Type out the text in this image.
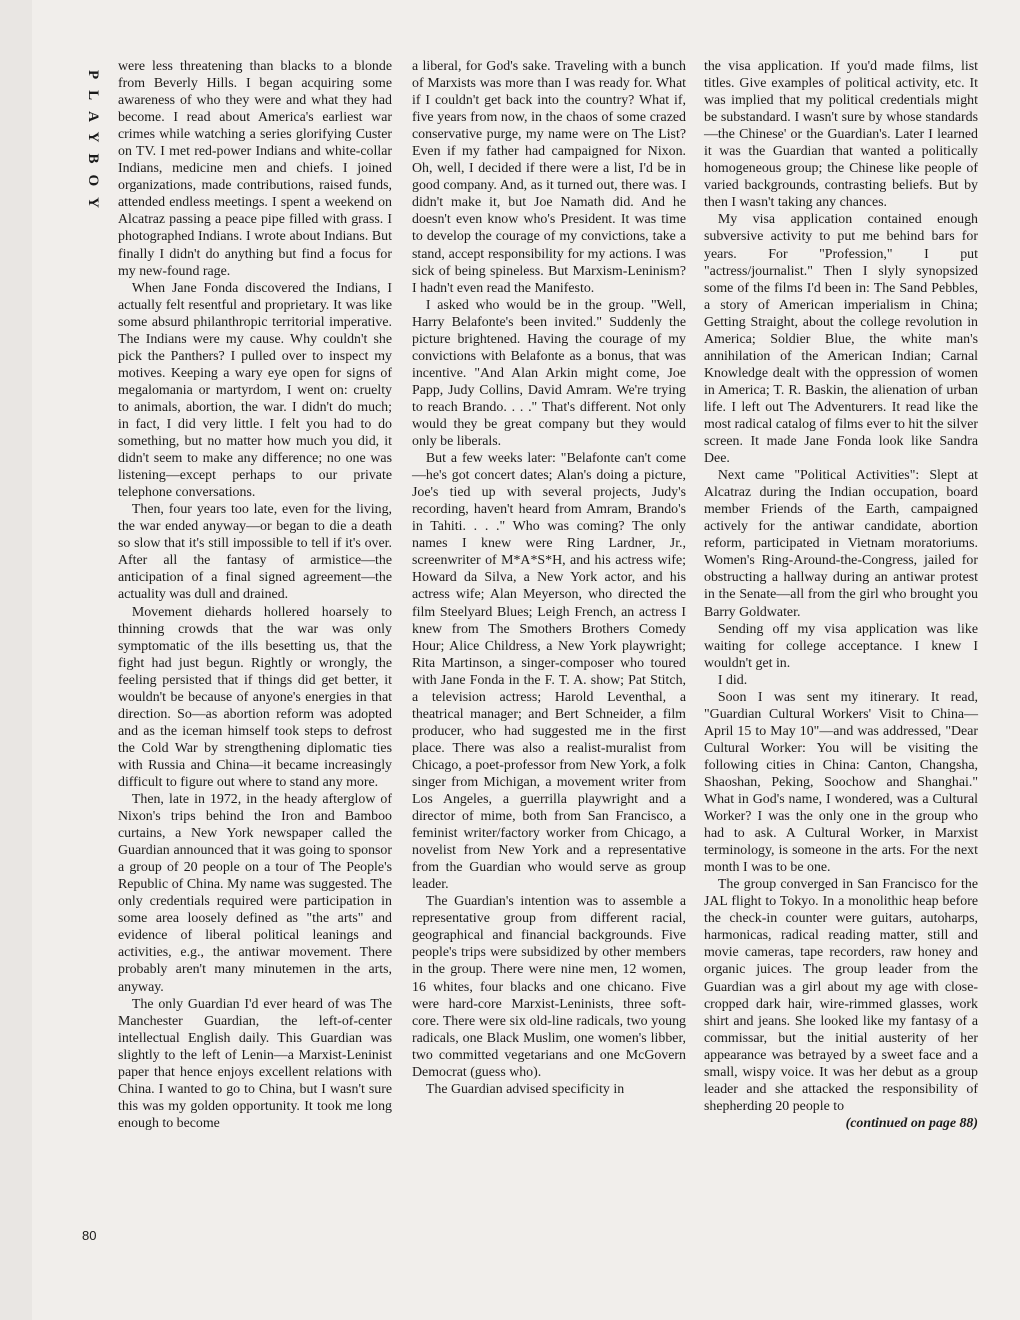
PLAYBOY

were less threatening than blacks to a blonde from Beverly Hills. I began acquiring some awareness of who they were and what they had become. I read about America's earliest war crimes while watching a series glorifying Custer on TV. I met red-power Indians and white-collar Indians, medicine men and chiefs. I joined organizations, made contributions, raised funds, attended endless meetings. I spent a weekend on Alcatraz passing a peace pipe filled with grass. I photographed Indians. I wrote about Indians. But finally I didn't do anything but find a focus for my new-found rage.

When Jane Fonda discovered the Indians, I actually felt resentful and proprietary. It was like some absurd philanthropic territorial imperative. The Indians were my cause. Why couldn't she pick the Panthers? I pulled over to inspect my motives. Keeping a wary eye open for signs of megalomania or martyrdom, I went on: cruelty to animals, abortion, the war. I didn't do much; in fact, I did very little. I felt you had to do something, but no matter how much you did, it didn't seem to make any difference; no one was listening—except perhaps to our private telephone conversations.

Then, four years too late, even for the living, the war ended anyway—or began to die a death so slow that it's still impossible to tell if it's over. After all the fantasy of armistice—the anticipation of a final signed agreement—the actuality was dull and drained.

Movement diehards hollered hoarsely to thinning crowds that the war was only symptomatic of the ills besetting us, that the fight had just begun. Rightly or wrongly, the feeling persisted that if things did get better, it wouldn't be because of anyone's energies in that direction. So—as abortion reform was adopted and as the iceman himself took steps to defrost the Cold War by strengthening diplomatic ties with Russia and China—it became increasingly difficult to figure out where to stand any more.

Then, late in 1972, in the heady afterglow of Nixon's trips behind the Iron and Bamboo curtains, a New York newspaper called the Guardian announced that it was going to sponsor a group of 20 people on a tour of The People's Republic of China. My name was suggested. The only credentials required were participation in some area loosely defined as "the arts" and evidence of liberal political leanings and activities, e.g., the antiwar movement. There probably aren't many minutemen in the arts, anyway.

The only Guardian I'd ever heard of was The Manchester Guardian, the left-of-center intellectual English daily. This Guardian was slightly to the left of Lenin—a Marxist-Leninist paper that hence enjoys excellent relations with China. I wanted to go to China, but I wasn't sure this was my golden opportunity. It took me long enough to become

a liberal, for God's sake. Traveling with a bunch of Marxists was more than I was ready for. What if I couldn't get back into the country? What if, five years from now, in the chaos of some crazed conservative purge, my name were on The List? Even if my father had campaigned for Nixon. Oh, well, I decided if there were a list, I'd be in good company. And, as it turned out, there was. I didn't make it, but Joe Namath did. And he doesn't even know who's President. It was time to develop the courage of my convictions, take a stand, accept responsibility for my actions. I was sick of being spineless. But Marxism-Leninism? I hadn't even read the Manifesto.

I asked who would be in the group. "Well, Harry Belafonte's been invited." Suddenly the picture brightened. Having the courage of my convictions with Belafonte as a bonus, that was incentive. "And Alan Arkin might come, Joe Papp, Judy Collins, David Amram. We're trying to reach Brando. . . ." That's different. Not only would they be great company but they would only be liberals.

But a few weeks later: "Belafonte can't come—he's got concert dates; Alan's doing a picture, Joe's tied up with several projects, Judy's recording, haven't heard from Amram, Brando's in Tahiti. . . ." Who was coming? The only names I knew were Ring Lardner, Jr., screenwriter of M*A*S*H, and his actress wife; Howard da Silva, a New York actor, and his actress wife; Alan Meyerson, who directed the film Steelyard Blues; Leigh French, an actress I knew from The Smothers Brothers Comedy Hour; Alice Childress, a New York playwright; Rita Martinson, a singer-composer who toured with Jane Fonda in the F. T. A. show; Pat Stitch, a television actress; Harold Leventhal, a theatrical manager; and Bert Schneider, a film producer, who had suggested me in the first place. There was also a realist-muralist from Chicago, a poet-professor from New York, a folk singer from Michigan, a movement writer from Los Angeles, a guerrilla playwright and a director of mime, both from San Francisco, a feminist writer/factory worker from Chicago, a novelist from New York and a representative from the Guardian who would serve as group leader.

The Guardian's intention was to assemble a representative group from different racial, geographical and financial backgrounds. Five people's trips were subsidized by other members in the group. There were nine men, 12 women, 16 whites, four blacks and one chicano. Five were hard-core Marxist-Leninists, three soft-core. There were six old-line radicals, two young radicals, one Black Muslim, one women's libber, two committed vegetarians and one McGovern Democrat (guess who).

The Guardian advised specificity in

the visa application. If you'd made films, list titles. Give examples of political activity, etc. It was implied that my political credentials might be substandard. I wasn't sure by whose standards—the Chinese' or the Guardian's. Later I learned it was the Guardian that wanted a politically homogeneous group; the Chinese like people of varied backgrounds, contrasting beliefs. But by then I wasn't taking any chances.

My visa application contained enough subversive activity to put me behind bars for years. For "Profession," I put "actress/journalist." Then I slyly synopsized some of the films I'd been in: The Sand Pebbles, a story of American imperialism in China; Getting Straight, about the college revolution in America; Soldier Blue, the white man's annihilation of the American Indian; Carnal Knowledge dealt with the oppression of women in America; T. R. Baskin, the alienation of urban life. I left out The Adventurers. It read like the most radical catalog of films ever to hit the silver screen. It made Jane Fonda look like Sandra Dee.

Next came "Political Activities": Slept at Alcatraz during the Indian occupation, board member Friends of the Earth, campaigned actively for the antiwar candidate, abortion reform, participated in Vietnam moratoriums. Women's Ring-Around-the-Congress, jailed for obstructing a hallway during an antiwar protest in the Senate—all from the girl who brought you Barry Goldwater.

Sending off my visa application was like waiting for college acceptance. I knew I wouldn't get in.

I did.

Soon I was sent my itinerary. It read, "Guardian Cultural Workers' Visit to China—April 15 to May 10"—and was addressed, "Dear Cultural Worker: You will be visiting the following cities in China: Canton, Changsha, Shaoshan, Peking, Soochow and Shanghai." What in God's name, I wondered, was a Cultural Worker? I was the only one in the group who had to ask. A Cultural Worker, in Marxist terminology, is someone in the arts. For the next month I was to be one.

The group converged in San Francisco for the JAL flight to Tokyo. In a monolithic heap before the check-in counter were guitars, autoharps, harmonicas, radical reading matter, still and movie cameras, tape recorders, raw honey and organic juices. The group leader from the Guardian was a girl about my age with close-cropped dark hair, wire-rimmed glasses, work shirt and jeans. She looked like my fantasy of a commissar, but the initial austerity of her appearance was betrayed by a sweet face and a small, wispy voice. It was her debut as a group leader and she attacked the responsibility of shepherding 20 people to

(continued on page 88)

80
